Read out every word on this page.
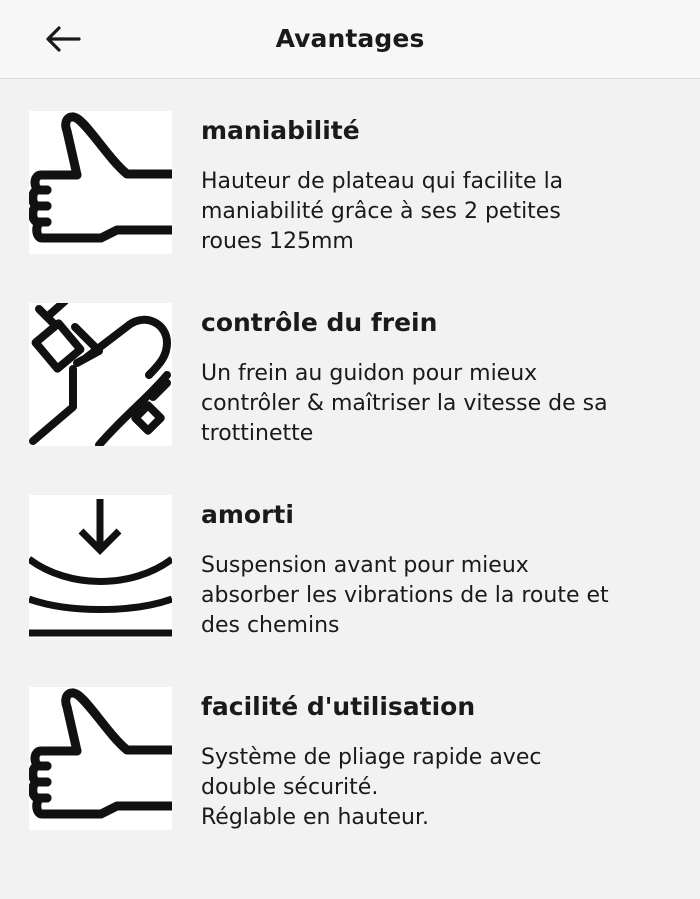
Avantages
maniabilité
Hauteur de plateau qui facilite la
maniabilité grâce à ses 2 petites
roues 125mm
contrôle du frein
Un frein au guidon pour mieux
contrôler & maîtriser la vitesse de sa
trottinette
amorti
Suspension avant pour mieux
absorber les vibrations de la route et
des chemins
facilité d'utilisation
Système de pliage rapide avec
double sécurité.
Réglable en hauteur.
